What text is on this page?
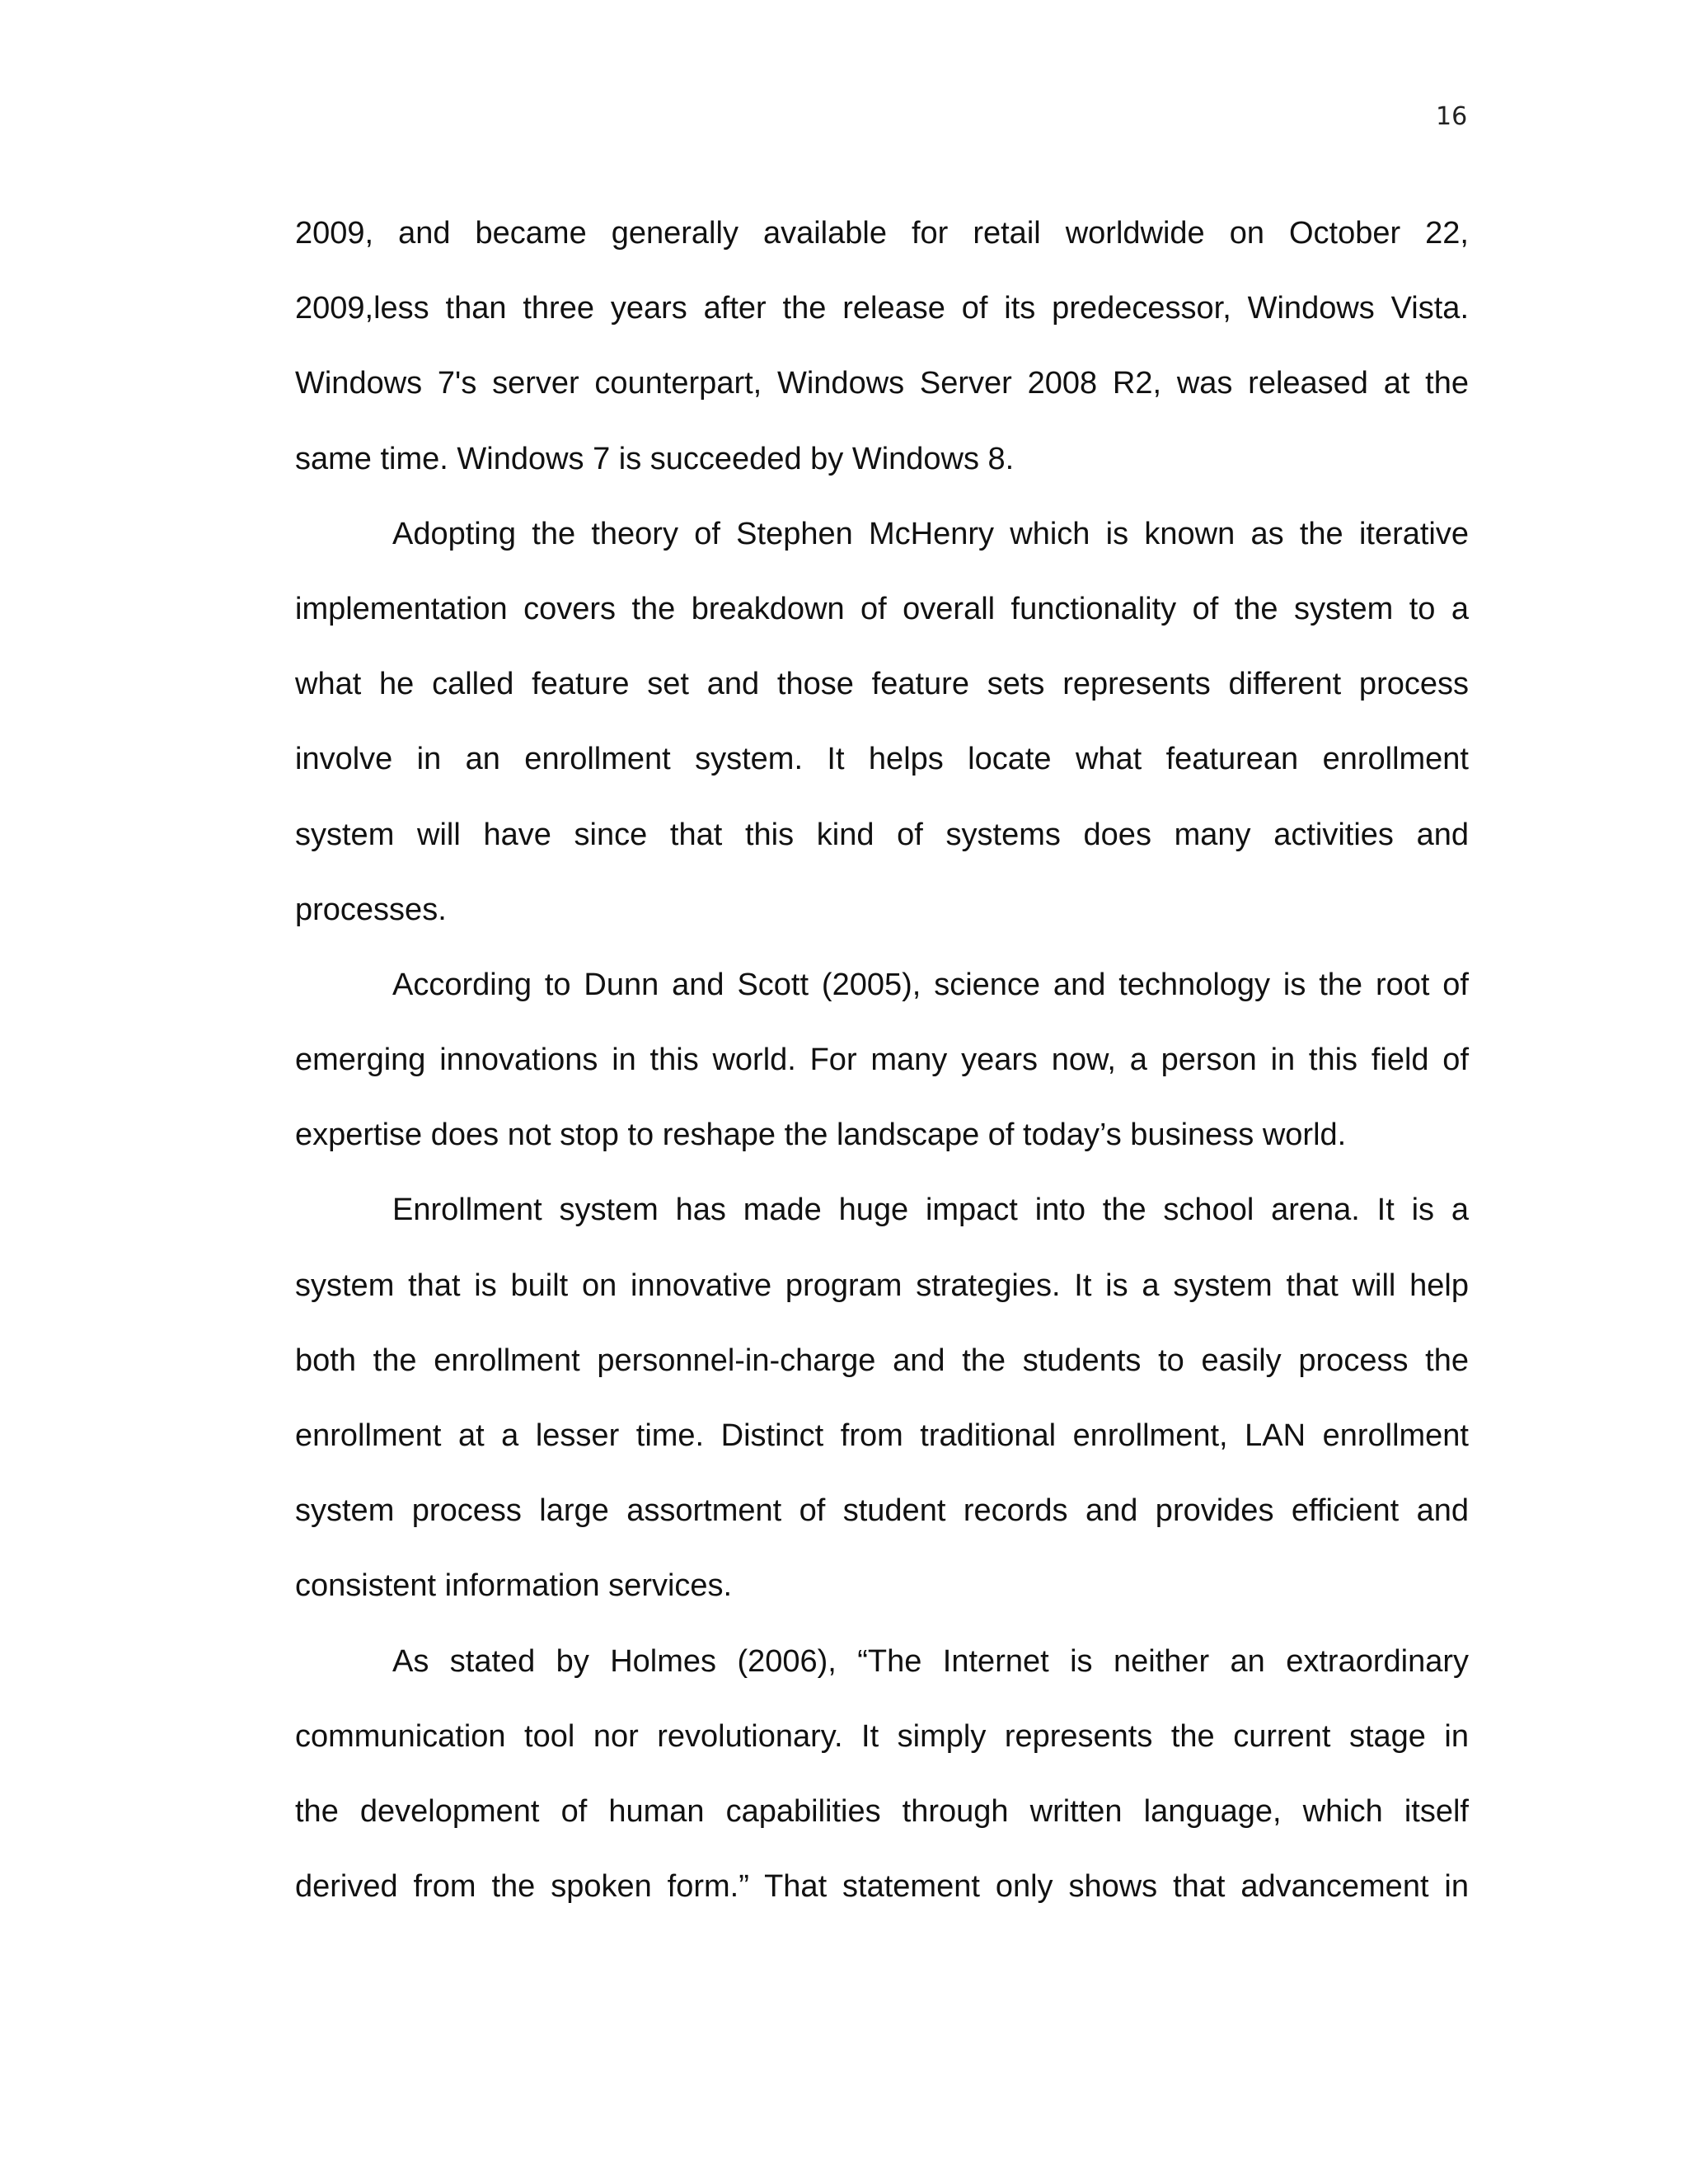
16
2009, and became generally available for retail worldwide on October 22,
2009,less than three years after the release of its predecessor, Windows Vista.
Windows 7's server counterpart, Windows Server 2008 R2, was released at the
same time. Windows 7 is succeeded by Windows 8.
Adopting the theory of Stephen McHenry which is known as the iterative
implementation covers the breakdown of overall functionality of the system to a
what he called feature set and those feature sets represents different process
involve in an enrollment system. It helps locate what featurean enrollment
system will have since that this kind of systems does many activities and
processes.
According to Dunn and Scott (2005), science and technology is the root of
emerging innovations in this world. For many years now, a person in this field of
expertise does not stop to reshape the landscape of today’s business world.
Enrollment system has made huge impact into the school arena. It is a
system that is built on innovative program strategies. It is a system that will help
both the enrollment personnel-in-charge and the students to easily process the
enrollment at a lesser time. Distinct from traditional enrollment, LAN enrollment
system process large assortment of student records and provides efficient and
consistent information services.
As stated by Holmes (2006), “The Internet is neither an extraordinary
communication tool nor revolutionary. It simply represents the current stage in
the development of human capabilities through written language, which itself
derived from the spoken form.” That statement only shows that advancement in
